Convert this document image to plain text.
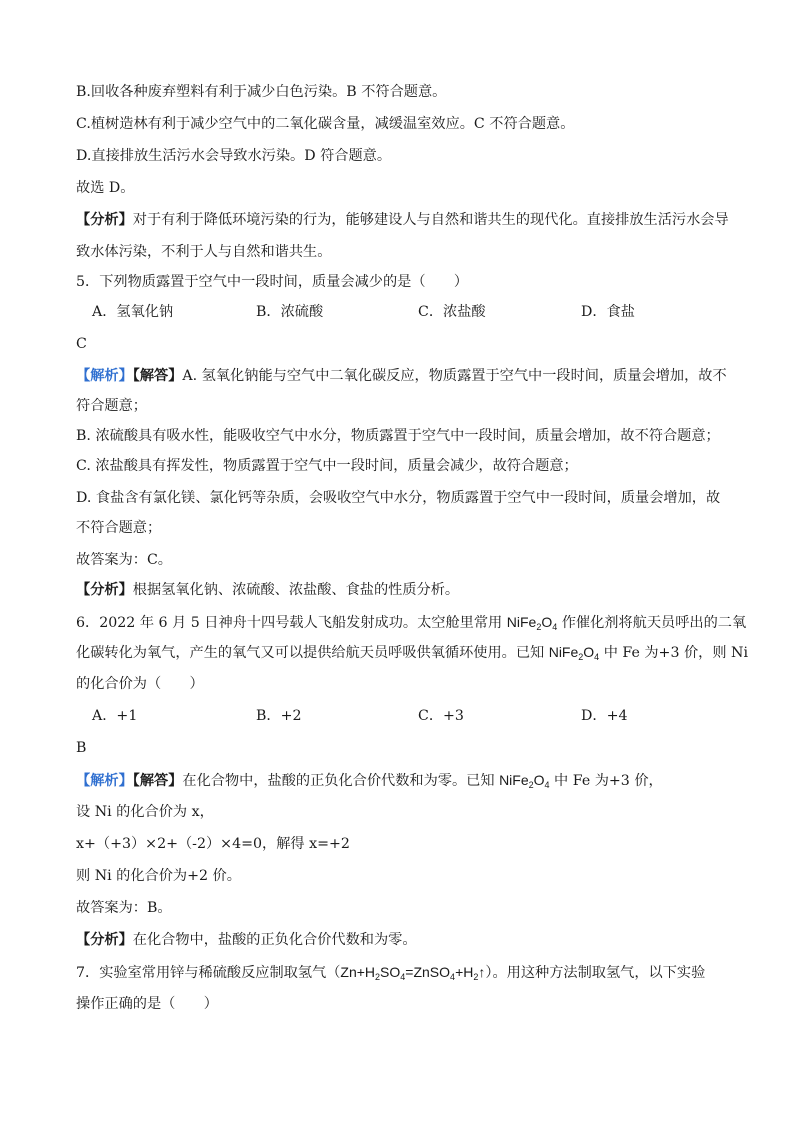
B.回收各种废弃塑料有利于减少白色污染。B 不符合题意。
C.植树造林有利于减少空气中的二氧化碳含量，减缓温室效应。C 不符合题意。
D.直接排放生活污水会导致水污染。D 符合题意。
故选 D。
【分析】对于有利于降低环境污染的行为，能够建设人与自然和谐共生的现代化。直接排放生活污水会导
致水体污染，不利于人与自然和谐共生。
5．下列物质露置于空气中一段时间，质量会减少的是（　　）
A．氢氧化钠	B．浓硫酸	C．浓盐酸	D．食盐
C
【解析】【解答】A. 氢氧化钠能与空气中二氧化碳反应，物质露置于空气中一段时间，质量会增加，故不
符合题意；
B. 浓硫酸具有吸水性，能吸收空气中水分，物质露置于空气中一段时间，质量会增加，故不符合题意；
C. 浓盐酸具有挥发性，物质露置于空气中一段时间，质量会减少，故符合题意；
D. 食盐含有氯化镁、氯化钙等杂质，会吸收空气中水分，物质露置于空气中一段时间，质量会增加，故
不符合题意；
故答案为：C。
【分析】根据氢氧化钠、浓硫酸、浓盐酸、食盐的性质分析。
6．2022 年 6 月 5 日神舟十四号载人飞船发射成功。太空舱里常用 $NiFe_2O_4$ 作催化剂将航天员呼出的二氧
化碳转化为氧气，产生的氧气又可以提供给航天员呼吸供氧循环使用。已知 $NiFe_2O_4$ 中 Fe 为+3 价，则 Ni
的化合价为（　　）
A．+1	B．+2	C．+3	D．+4
B
【解析】【解答】在化合物中，盐酸的正负化合价代数和为零。已知 $NiFe_2O_4$ 中 Fe 为+3 价，
设 Ni 的化合价为 x，
x+（+3）×2+（-2）×4=0，解得 x=+2
则 Ni 的化合价为+2 价。
故答案为：B。
【分析】在化合物中，盐酸的正负化合价代数和为零。
7．实验室常用锌与稀硫酸反应制取氢气$(Zn+H_2SO_4=ZnSO_4+H_2↑)$。用这种方法制取氢气，以下实验
操作正确的是（　　）
